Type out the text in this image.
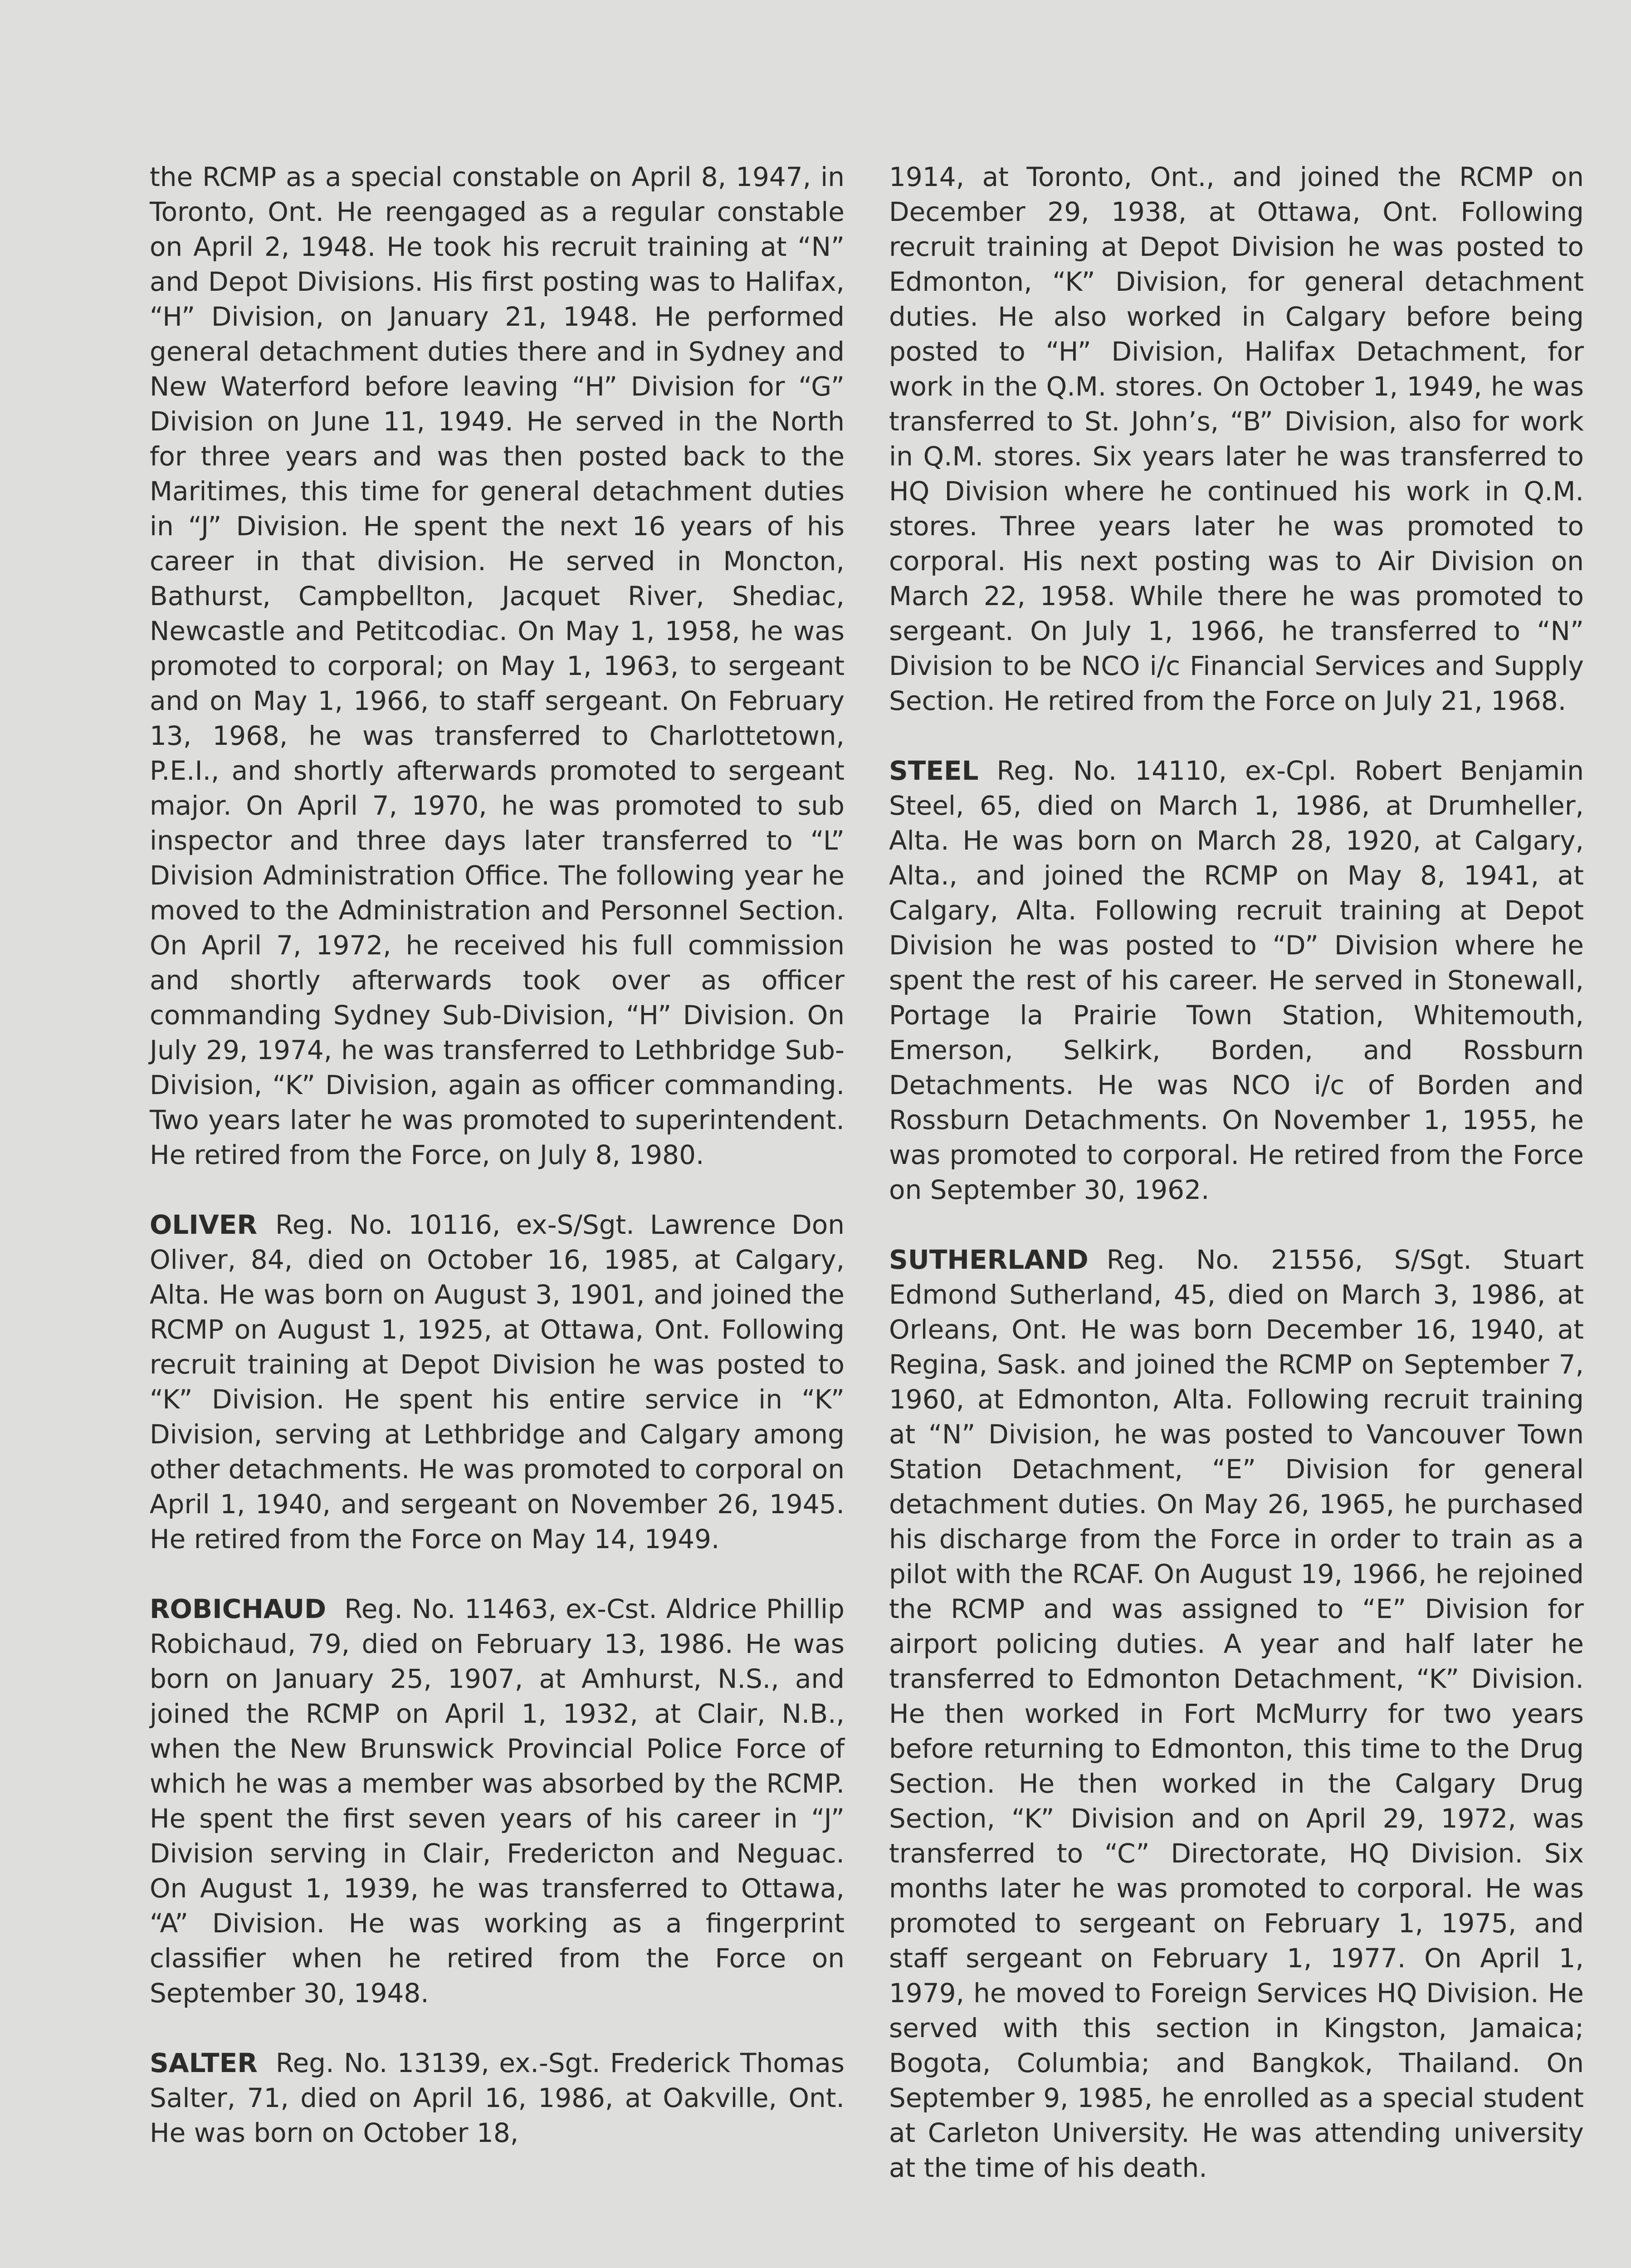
the RCMP as a special constable on April 8, 1947, in Toronto, Ont. He reengaged as a regular constable on April 2, 1948. He took his recruit training at “N” and Depot Divisions. His first posting was to Halifax, “H” Division, on January 21, 1948. He performed general detachment duties there and in Sydney and New Waterford before leaving “H” Division for “G” Division on June 11, 1949. He served in the North for three years and was then posted back to the Maritimes, this time for general detachment duties in “J” Division. He spent the next 16 years of his career in that division. He served in Moncton, Bathurst, Campbellton, Jacquet River, Shediac, Newcastle and Petitcodiac. On May 1, 1958, he was promoted to corporal; on May 1, 1963, to sergeant and on May 1, 1966, to staff sergeant. On February 13, 1968, he was transferred to Charlottetown, P.E.I., and shortly afterwards promoted to sergeant major. On April 7, 1970, he was promoted to sub inspector and three days later transferred to “L” Division Administration Office. The following year he moved to the Administration and Personnel Section. On April 7, 1972, he received his full commission and shortly afterwards took over as officer commanding Sydney Sub-Division, “H” Division. On July 29, 1974, he was transferred to Lethbridge Sub-Division, “K” Division, again as officer commanding. Two years later he was promoted to superintendent. He retired from the Force, on July 8, 1980.

OLIVER Reg. No. 10116, ex-S/Sgt. Lawrence Don Oliver, 84, died on October 16, 1985, at Calgary, Alta. He was born on August 3, 1901, and joined the RCMP on August 1, 1925, at Ottawa, Ont. Following recruit training at Depot Division he was posted to “K” Division. He spent his entire service in “K” Division, serving at Lethbridge and Calgary among other detachments. He was promoted to corporal on April 1, 1940, and sergeant on November 26, 1945. He retired from the Force on May 14, 1949.

ROBICHAUD Reg. No. 11463, ex-Cst. Aldrice Phillip Robichaud, 79, died on February 13, 1986. He was born on January 25, 1907, at Amhurst, N.S., and joined the RCMP on April 1, 1932, at Clair, N.B., when the New Brunswick Provincial Police Force of which he was a member was absorbed by the RCMP. He spent the first seven years of his career in “J” Division serving in Clair, Fredericton and Neguac. On August 1, 1939, he was transferred to Ottawa, “A” Division. He was working as a fingerprint classifier when he retired from the Force on September 30, 1948.

SALTER Reg. No. 13139, ex.-Sgt. Frederick Thomas Salter, 71, died on April 16, 1986, at Oakville, Ont. He was born on October 18,

1914, at Toronto, Ont., and joined the RCMP on December 29, 1938, at Ottawa, Ont. Following recruit training at Depot Division he was posted to Edmonton, “K” Division, for general detachment duties. He also worked in Calgary before being posted to “H” Division, Halifax Detachment, for work in the Q.M. stores. On October 1, 1949, he was transferred to St. John’s, “B” Division, also for work in Q.M. stores. Six years later he was transferred to HQ Division where he continued his work in Q.M. stores. Three years later he was promoted to corporal. His next posting was to Air Division on March 22, 1958. While there he was promoted to sergeant. On July 1, 1966, he transferred to “N” Division to be NCO i/c Financial Services and Supply Section. He retired from the Force on July 21, 1968.

STEEL Reg. No. 14110, ex-Cpl. Robert Benjamin Steel, 65, died on March 1, 1986, at Drumheller, Alta. He was born on March 28, 1920, at Calgary, Alta., and joined the RCMP on May 8, 1941, at Calgary, Alta. Following recruit training at Depot Division he was posted to “D” Division where he spent the rest of his career. He served in Stonewall, Portage la Prairie Town Station, Whitemouth, Emerson, Selkirk, Borden, and Rossburn Detachments. He was NCO i/c of Borden and Rossburn Detachments. On November 1, 1955, he was promoted to corporal. He retired from the Force on September 30, 1962.

SUTHERLAND Reg. No. 21556, S/Sgt. Stuart Edmond Sutherland, 45, died on March 3, 1986, at Orleans, Ont. He was born December 16, 1940, at Regina, Sask. and joined the RCMP on September 7, 1960, at Edmonton, Alta. Following recruit training at “N” Division, he was posted to Vancouver Town Station Detachment, “E” Division for general detachment duties. On May 26, 1965, he purchased his discharge from the Force in order to train as a pilot with the RCAF. On August 19, 1966, he rejoined the RCMP and was assigned to “E” Division for airport policing duties. A year and half later he transferred to Edmonton Detachment, “K” Division. He then worked in Fort McMurry for two years before returning to Edmonton, this time to the Drug Section. He then worked in the Calgary Drug Section, “K” Division and on April 29, 1972, was transferred to “C” Directorate, HQ Division. Six months later he was promoted to corporal. He was promoted to sergeant on February 1, 1975, and staff sergeant on February 1, 1977. On April 1, 1979, he moved to Foreign Services HQ Division. He served with this section in Kingston, Jamaica; Bogota, Columbia; and Bangkok, Thailand. On September 9, 1985, he enrolled as a special student at Carleton University. He was attending university at the time of his death.
